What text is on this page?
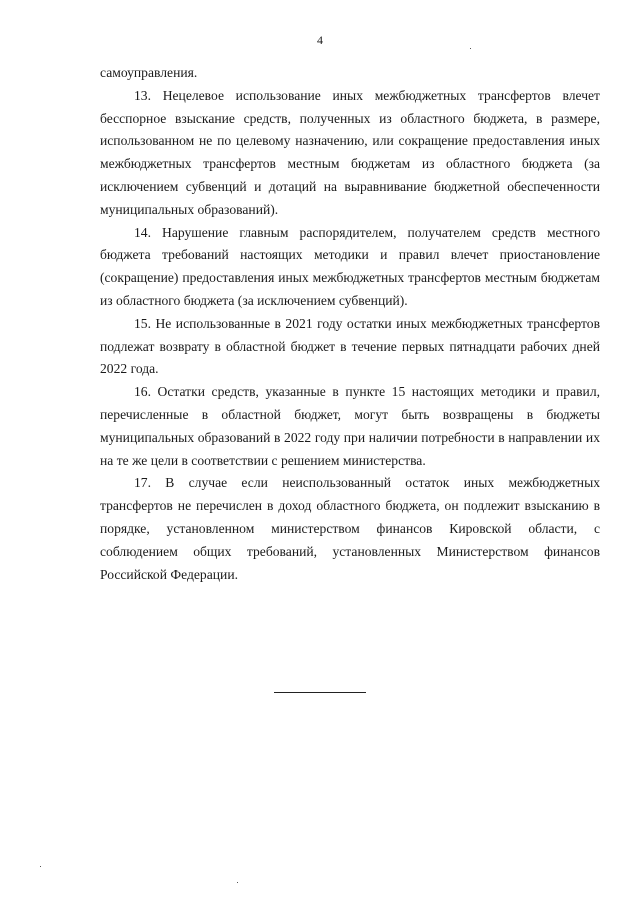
4

самоуправления.

13. Нецелевое использование иных межбюджетных трансфертов влечет бесспорное взыскание средств, полученных из областного бюджета, в размере, использованном не по целевому назначению, или сокращение предоставления иных межбюджетных трансфертов местным бюджетам из областного бюджета (за исключением субвенций и дотаций на выравнивание бюджетной обеспеченности муниципальных образований).

14. Нарушение главным распорядителем, получателем средств местного бюджета требований настоящих методики и правил влечет приостановление (сокращение) предоставления иных межбюджетных трансфертов местным бюджетам из областного бюджета (за исключением субвенций).

15. Не использованные в 2021 году остатки иных межбюджетных трансфертов подлежат возврату в областной бюджет в течение первых пятнадцати рабочих дней 2022 года.

16. Остатки средств, указанные в пункте 15 настоящих методики и правил, перечисленные в областной бюджет, могут быть возвращены в бюджеты муниципальных образований в 2022 году при наличии потребности в направлении их на те же цели в соответствии с решением министерства.

17. В случае если неиспользованный остаток иных межбюджетных трансфертов не перечислен в доход областного бюджета, он подлежит взысканию в порядке, установленном министерством финансов Кировской области, с соблюдением общих требований, установленных Министерством финансов Российской Федерации.
